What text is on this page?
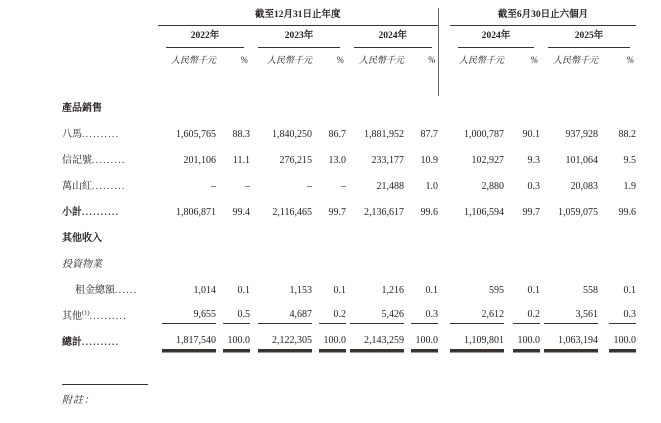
	截至12月31日止年度							截至6月30日止六個月			

	2022年		2023年		2024年			2024年		2025年	

	人民幣千元	%	人民幣千元	%	人民幣千元	%		人民幣千元	%	人民幣千元	%
產品銷售											
八馬..........	1,605,765	88.3	1,840,250	86.7	1,881,952	87.7		1,000,787	90.1	937,928	88.2
信記號.........	201,106	11.1	276,215	13.0	233,177	10.9		102,927	9.3	101,064	9.5
萬山紅.........	–	–	–	–	21,488	1.0		2,880	0.3	20,083	1.9
小計..........	1,806,871	99.4	2,116,465	99.7	2,136,617	99.6		1,106,594	99.7	1,059,075	99.6
其他收入											
投資物業											
租金總額......	1,014	0.1	1,153	0.1	1,216	0.1		595	0.1	558	0.1
其他$^{(1)}$..........	9,655	0.5	4,687	0.2	5,426	0.3		2,612	0.2	3,561	0.3
總計..........	1,817,540	100.0	2,122,305	100.0	2,143,259	100.0		1,109,801	100.0	1,063,194	100.0
附註：
